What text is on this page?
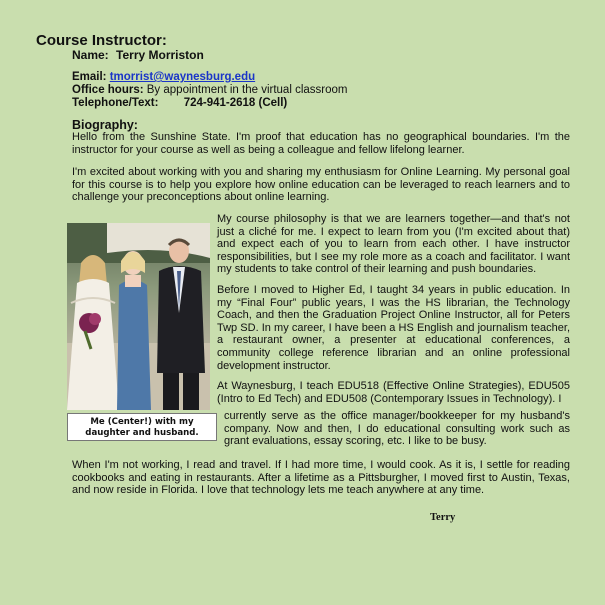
Course Instructor:
Name: Terry Morriston
Email: tmorrist@waynesburg.edu
Office hours: By appointment in the virtual classroom
Telephone/Text: 724-941-2618 (Cell)
Biography:

Hello from the Sunshine State. I'm proof that education has no geographical boundaries. I'm the instructor for your course as well as being a colleague and fellow lifelong learner.

I'm excited about working with you and sharing my enthusiasm for Online Learning. My personal goal for this course is to help you explore how online education can be leveraged to reach learners and to challenge your preconceptions about online learning.

My course philosophy is that we are learners together—and that's not just a cliché for me. I expect to learn from you (I'm excited about that) and expect each of you to learn from each other. I have instructor responsibilities, but I see my role more as a coach and facilitator. I want my students to take control of their learning and push boundaries.

Before I moved to Higher Ed, I taught 34 years in public education. In my “Final Four” public years, I was the HS librarian, the Technology Coach, and then the Graduation Project Online Instructor, all for Peters Twp SD. In my career, I have been a HS English and journalism teacher, a restaurant owner, a presenter at educational conferences, a community college reference librarian and an online professional development instructor.

At Waynesburg, I teach EDU518 (Effective Online Strategies), EDU505 (Intro to Ed Tech) and EDU508 (Contemporary Issues in Technology). I

currently serve as the office manager/bookkeeper for my husband's company. Now and then, I do educational consulting work such as grant evaluations, essay scoring, etc. I like to be busy.

When I'm not working, I read and travel. If I had more time, I would cook. As it is, I settle for reading cookbooks and eating in restaurants. After a lifetime as a Pittsburgher, I moved first to Austin, Texas, and now reside in Florida. I love that technology lets me teach anywhere at any time.

Me (Center!) with my daughter and husband.
Terry
